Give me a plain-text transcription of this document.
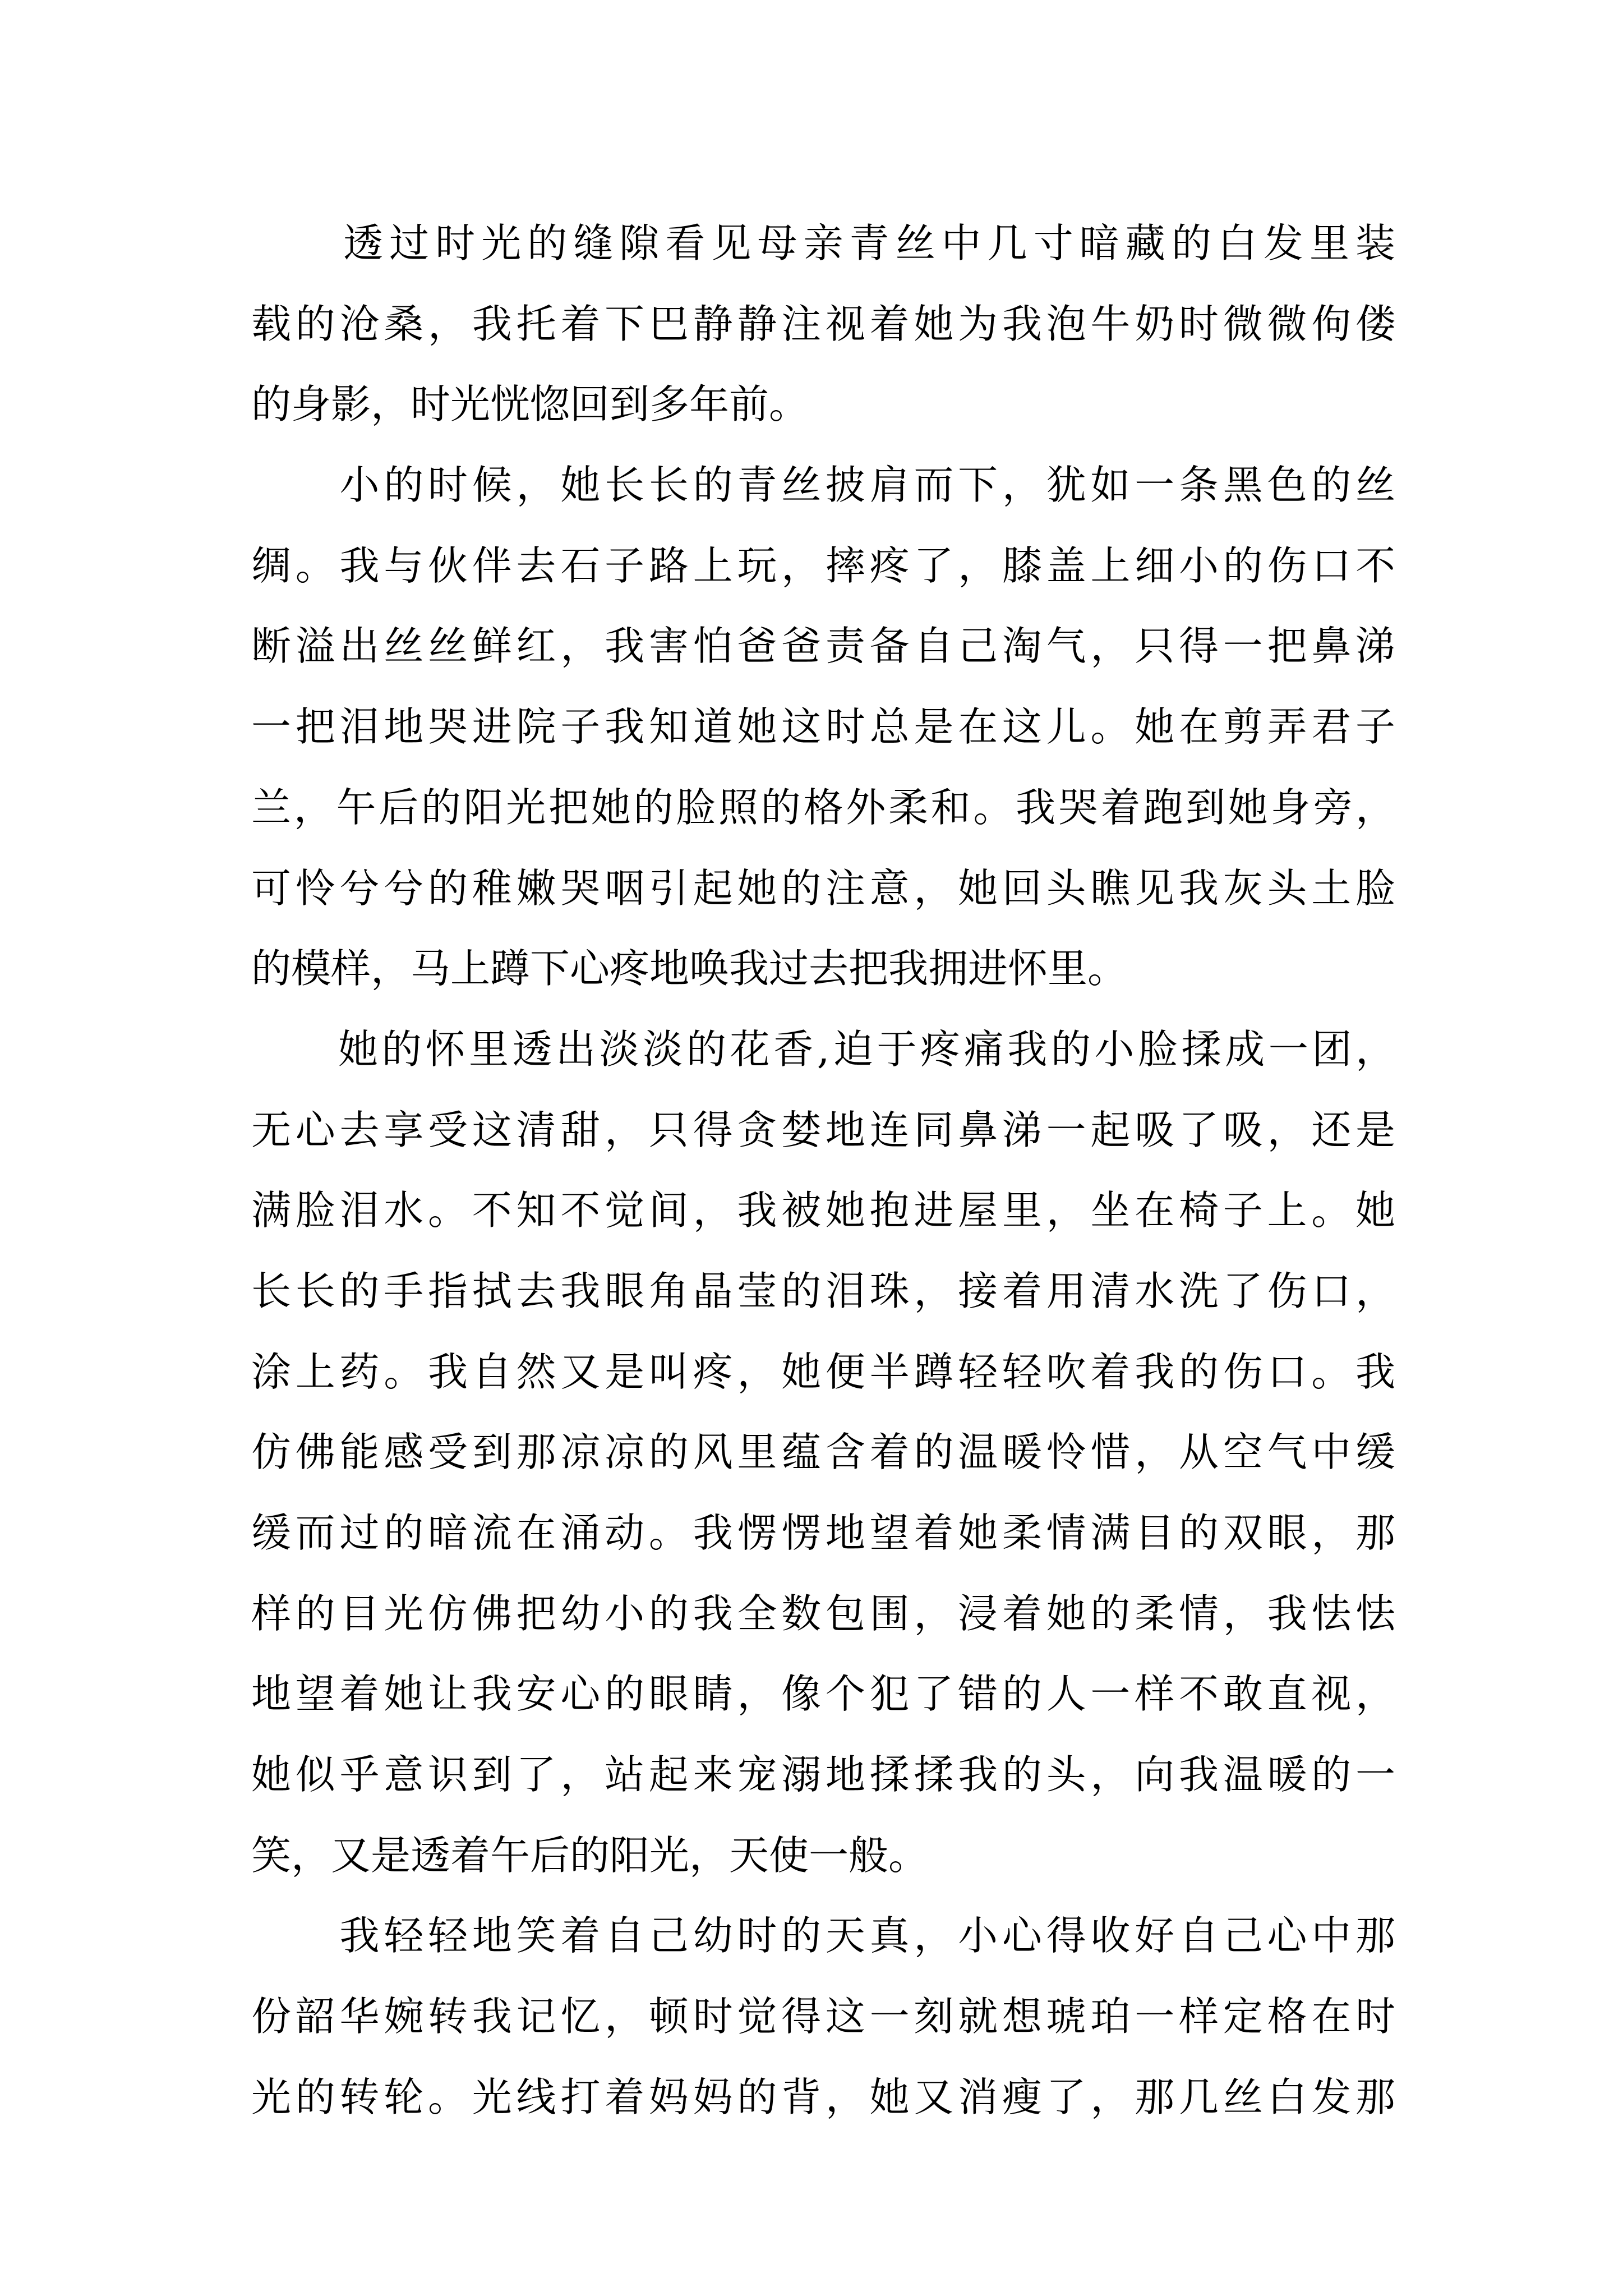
　　透过时光的缝隙看见母亲青丝中几寸暗藏的白发里装
载的沧桑，我托着下巴静静注视着她为我泡牛奶时微微佝偻
的身影，时光恍惚回到多年前。
　　小的时候，她长长的青丝披肩而下，犹如一条黑色的丝
绸。我与伙伴去石子路上玩，摔疼了，膝盖上细小的伤口不
断溢出丝丝鲜红，我害怕爸爸责备自己淘气，只得一把鼻涕
一把泪地哭进院子我知道她这时总是在这儿。她在剪弄君子
兰，午后的阳光把她的脸照的格外柔和。我哭着跑到她身旁，
可怜兮兮的稚嫩哭咽引起她的注意，她回头瞧见我灰头土脸
的模样，马上蹲下心疼地唤我过去把我拥进怀里。
　　她的怀里透出淡淡的花香,迫于疼痛我的小脸揉成一团，
无心去享受这清甜，只得贪婪地连同鼻涕一起吸了吸，还是
满脸泪水。不知不觉间，我被她抱进屋里，坐在椅子上。她
长长的手指拭去我眼角晶莹的泪珠，接着用清水洗了伤口，
涂上药。我自然又是叫疼，她便半蹲轻轻吹着我的伤口。我
仿佛能感受到那凉凉的风里蕴含着的温暖怜惜，从空气中缓
缓而过的暗流在涌动。我愣愣地望着她柔情满目的双眼，那
样的目光仿佛把幼小的我全数包围，浸着她的柔情，我怯怯
地望着她让我安心的眼睛，像个犯了错的人一样不敢直视，
她似乎意识到了，站起来宠溺地揉揉我的头，向我温暖的一
笑，又是透着午后的阳光，天使一般。
　　我轻轻地笑着自己幼时的天真，小心得收好自己心中那
份韶华婉转我记忆，顿时觉得这一刻就想琥珀一样定格在时
光的转轮。光线打着妈妈的背，她又消瘦了，那几丝白发那
